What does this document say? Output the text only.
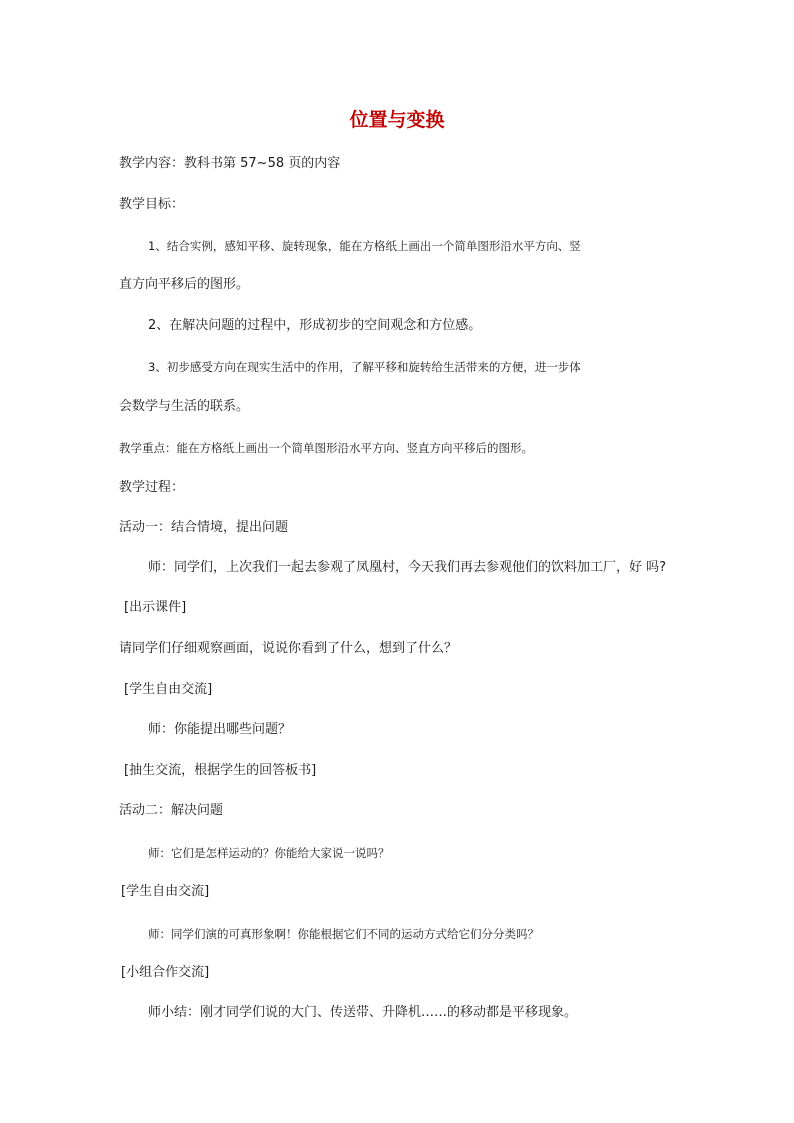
位置与变换
教学内容：教科书第 57~58 页的内容
教学目标：
1、结合实例，感知平移、旋转现象，能在方格纸上画出一个简单图形沿水平方向、竖
直方向平移后的图形。
2、在解决问题的过程中，形成初步的空间观念和方位感。
3、初步感受方向在现实生活中的作用，了解平移和旋转给生活带来的方便，进一步体
会数学与生活的联系。
教学重点：能在方格纸上画出一个简单图形沿水平方向、竖直方向平移后的图形。
教学过程：
活动一：结合情境，提出问题
师：同学们，上次我们一起去参观了凤凰村，今天我们再去参观他们的饮料加工厂，好 吗?
[出示课件]
请同学们仔细观察画面，说说你看到了什么，想到了什么？
[学生自由交流]
师：你能提出哪些问题？
[抽生交流，根据学生的回答板书]
活动二：解决问题
师：它们是怎样运动的？你能给大家说一说吗？
[学生自由交流]
师：同学们演的可真形象啊！你能根据它们不同的运动方式给它们分分类吗？
[小组合作交流]
师小结：刚才同学们说的大门、传送带、升降机……的移动都是平移现象。
